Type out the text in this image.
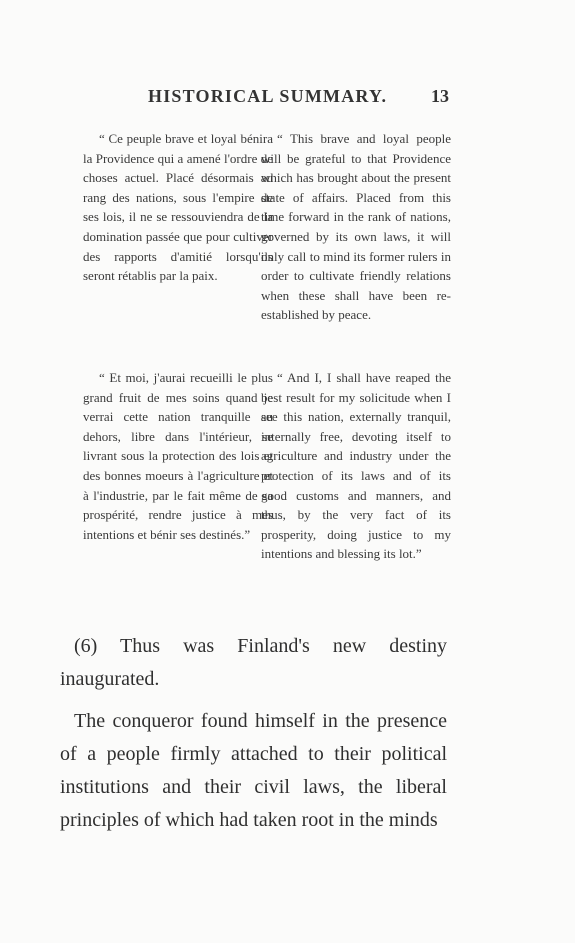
HISTORICAL SUMMARY. 13

“ Ce peuple brave et loyal bénira la Providence qui a amené l'ordre de choses actuel. Placé désormais au rang des nations, sous l'empire de ses lois, il ne se ressouviendra de la domination passée que pour cultiver des rapports d'amitié lorsqu'ils seront rétablis par la paix.

“ Et moi, j'aurai recueilli le plus grand fruit de mes soins quand je verrai cette nation tranquille au dehors, libre dans l'intérieur, se livrant sous la protection des lois et des bonnes moeurs à l'agriculture et à l'industrie, par le fait même de sa prospérité, rendre justice à mes intentions et bénir ses destinés.”

“ This brave and loyal people will be grateful to that Providence which has brought about the present state of affairs. Placed from this time forward in the rank of nations, governed by its own laws, it will only call to mind its former rulers in order to cultivate friendly relations when these shall have been re-established by peace.

“ And I, I shall have reaped the best result for my solicitude when I see this nation, externally tranquil, internally free, devoting itself to agriculture and industry under the protection of its laws and of its good customs and manners, and thus, by the very fact of its prosperity, doing justice to my intentions and blessing its lot.”

(6) Thus was Finland's new destiny inaugurated.

The conqueror found himself in the presence of a people firmly attached to their political institutions and their civil laws, the liberal principles of which had taken root in the minds
